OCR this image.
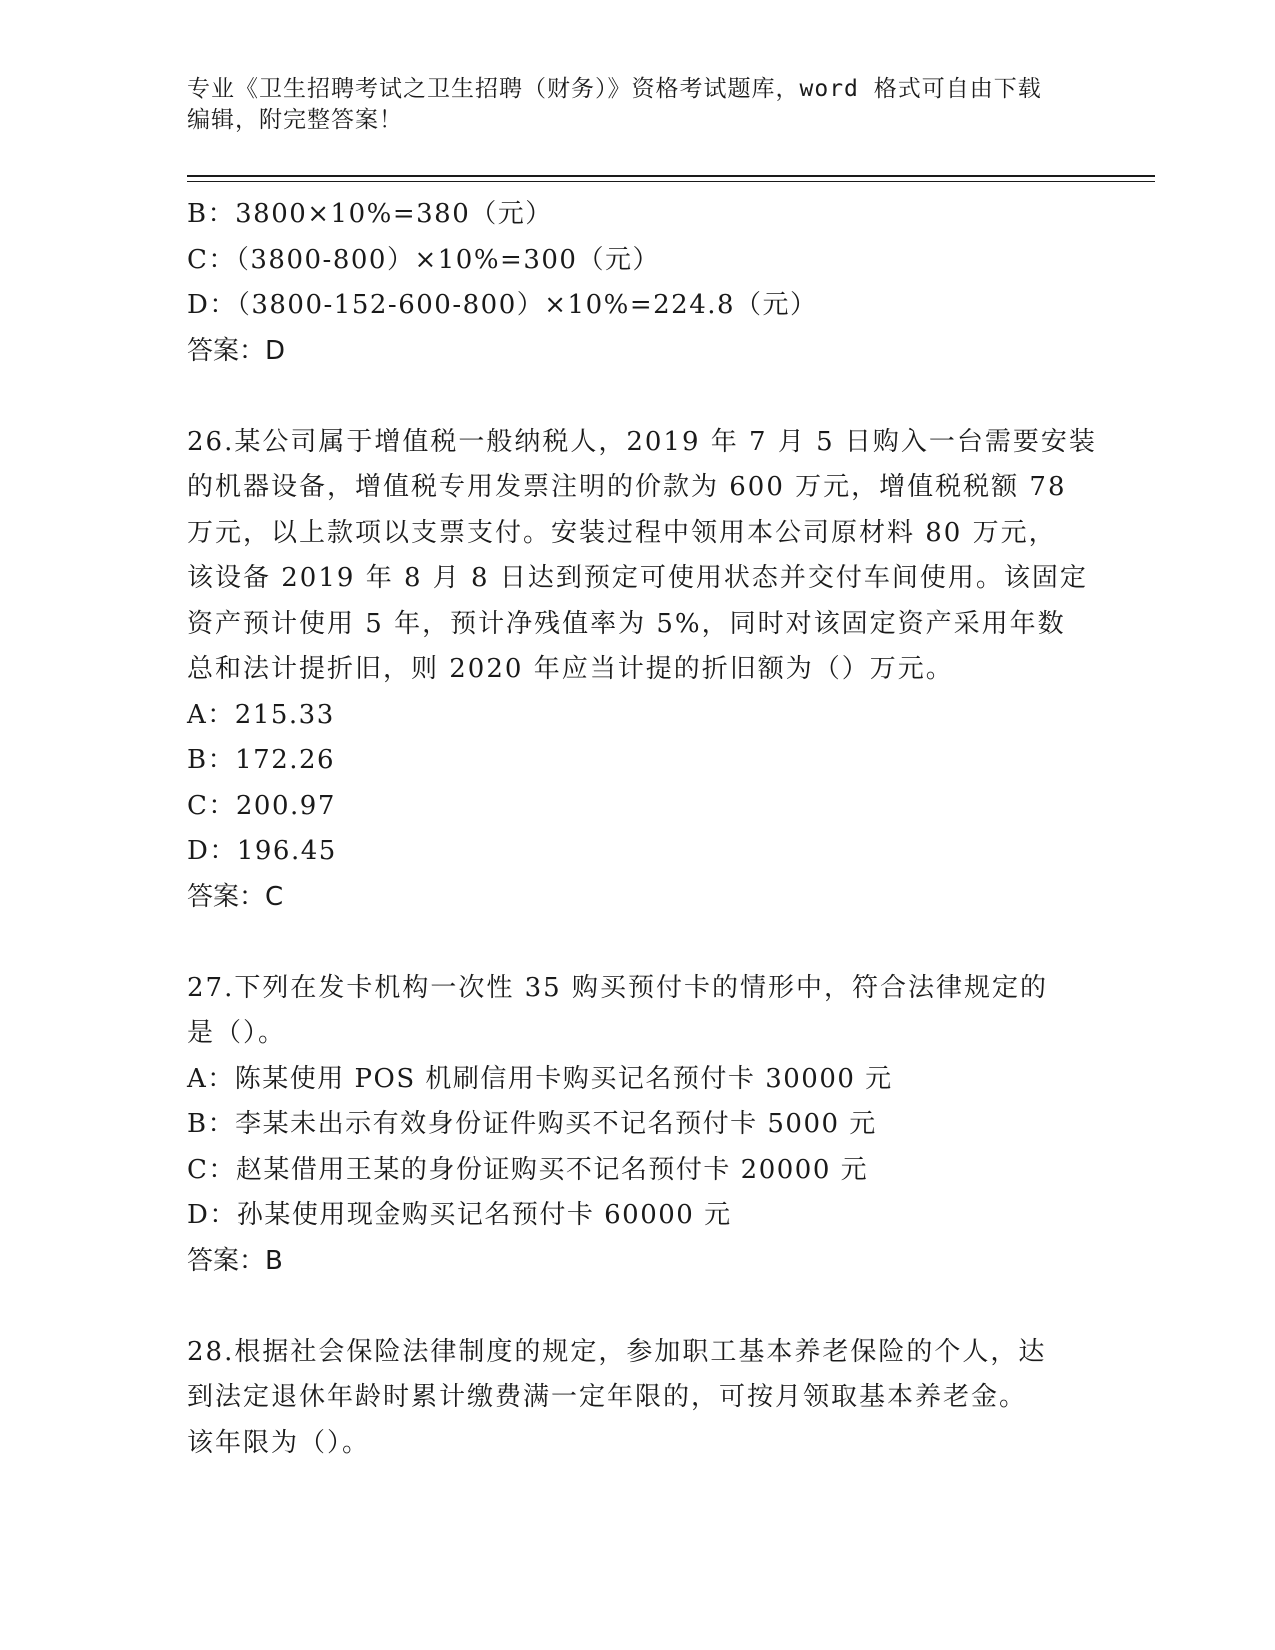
专业《卫生招聘考试之卫生招聘（财务）》资格考试题库，word 格式可自由下载
编辑，附完整答案！
B：3800×10%=380（元）
C：（3800-800）×10%=300（元）
D：（3800-152-600-800）×10%=224.8（元）
答案：D
26.某公司属于增值税一般纳税人，2019 年 7 月 5 日购入一台需要安装
的机器设备，增值税专用发票注明的价款为 600 万元，增值税税额 78
万元，以上款项以支票支付。安装过程中领用本公司原材料 80 万元，
该设备 2019 年 8 月 8 日达到预定可使用状态并交付车间使用。该固定
资产预计使用 5 年，预计净残值率为 5%，同时对该固定资产采用年数
总和法计提折旧，则 2020 年应当计提的折旧额为（）万元。
A：215.33
B：172.26
C：200.97
D：196.45
答案：C
27.下列在发卡机构一次性 35 购买预付卡的情形中，符合法律规定的
是（）。
A：陈某使用 POS 机刷信用卡购买记名预付卡 30000 元
B：李某未出示有效身份证件购买不记名预付卡 5000 元
C：赵某借用王某的身份证购买不记名预付卡 20000 元
D：孙某使用现金购买记名预付卡 60000 元
答案：B
28.根据社会保险法律制度的规定，参加职工基本养老保险的个人，达
到法定退休年龄时累计缴费满一定年限的，可按月领取基本养老金。
该年限为（）。
